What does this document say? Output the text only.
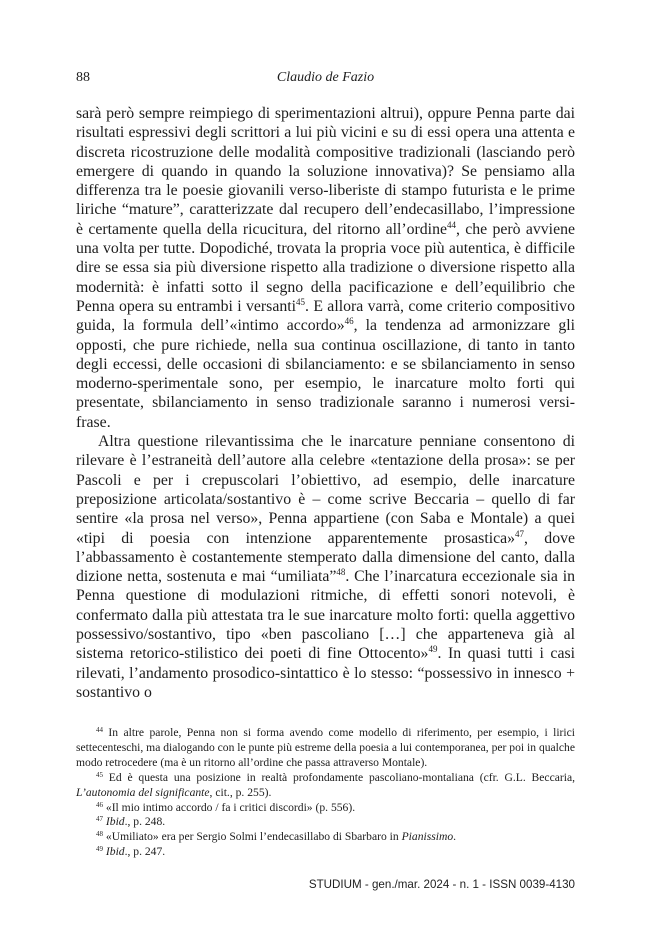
88	Claudio de Fazio

sarà però sempre reimpiego di sperimentazioni altrui), oppure Penna parte dai risultati espressivi degli scrittori a lui più vicini e su di essi opera una attenta e discreta ricostruzione delle modalità compositive tradizionali (lasciando però emergere di quando in quando la soluzione innovativa)? Se pensiamo alla differenza tra le poesie giovanili verso-liberiste di stampo futurista e le prime liriche “mature”, caratterizzate dal recupero dell’endecasillabo, l’impressione è certamente quella della ricucitura, del ritorno all’ordine$^{44}$, che però avviene una volta per tutte. Dopodiché, trovata la propria voce più autentica, è difficile dire se essa sia più diversione rispetto alla tradizione o diversione rispetto alla modernità: è infatti sotto il segno della pacificazione e dell’equilibrio che Penna opera su entrambi i versanti$^{45}$. E allora varrà, come criterio compositivo guida, la formula dell’«intimo accordo»$^{46}$, la tendenza ad armonizzare gli opposti, che pure richiede, nella sua continua oscillazione, di tanto in tanto degli eccessi, delle occasioni di sbilanciamento: e se sbilanciamento in senso moderno-sperimentale sono, per esempio, le inarcature molto forti qui presentate, sbilanciamento in senso tradizionale saranno i numerosi versi-frase.

Altra questione rilevantissima che le inarcature penniane consentono di rilevare è l’estraneità dell’autore alla celebre «tentazione della prosa»: se per Pascoli e per i crepuscolari l’obiettivo, ad esempio, delle inarcature preposizione articolata/sostantivo è – come scrive Beccaria – quello di far sentire «la prosa nel verso», Penna appartiene (con Saba e Montale) a quei «tipi di poesia con intenzione apparentemente prosastica»$^{47}$, dove l’abbassamento è costantemente stemperato dalla dimensione del canto, dalla dizione netta, sostenuta e mai “umiliata”$^{48}$. Che l’inarcatura eccezionale sia in Penna questione di modulazioni ritmiche, di effetti sonori notevoli, è confermato dalla più attestata tra le sue inarcature molto forti: quella aggettivo possessivo/sostantivo, tipo «ben pascoliano […] che apparteneva già al sistema retorico-stilistico dei poeti di fine Ottocento»$^{49}$. In quasi tutti i casi rilevati, l’andamento prosodico-sintattico è lo stesso: “possessivo in innesco + sostantivo o

$^{44}$ In altre parole, Penna non si forma avendo come modello di riferimento, per esempio, i lirici settecenteschi, ma dialogando con le punte più estreme della poesia a lui contemporanea, per poi in qualche modo retrocedere (ma è un ritorno all’ordine che passa attraverso Montale).

$^{45}$ Ed è questa una posizione in realtà profondamente pascoliano-montaliana (cfr. G.L. Beccaria, L’autonomia del significante, cit., p. 255).

$^{46}$ «Il mio intimo accordo / fa i critici discordi» (p. 556).

$^{47}$ Ibid., p. 248.

$^{48}$ «Umiliato» era per Sergio Solmi l’endecasillabo di Sbarbaro in Pianissimo.

$^{49}$ Ibid., p. 247.

STUDIUM - gen./mar. 2024 - n. 1 - ISSN 0039-4130
